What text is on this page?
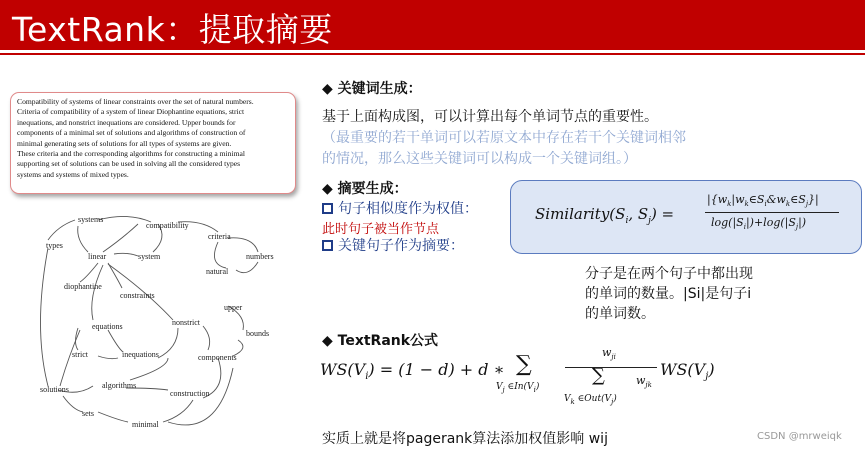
TextRank：提取摘要
Compatibility of systems of linear constraints over the set of natural numbers.
Criteria of compatibility of a system of linear Diophantine equations, strict
inequations, and nonstrict inequations are considered. Upper bounds for
components of a minimal set of solutions and algorithms of construction of
minimal generating sets of solutions for all types of systems are given.
These criteria and the corresponding algorithms for constructing a minimal
supporting set of solutions can be used in solving all the considered types
systems and systems of mixed types.
systems
compatibility
types
criteria
linear	system	numbers
natural
diophantine
constraints
upper
nonstrict
equations
bounds
strict	inequations	components
algorithms
solutions	construction
sets
minimal
◆ 关键词生成：
基于上面构成图，可以计算出每个单词节点的重要性。
（最重要的若干单词可以若原文本中存在若干个关键词相邻
的情况，那么这些关键词可以构成一个关键词组。）
◆ 摘要生成：
句子相似度作为权值：
此时句子被当作节点
关键句子作为摘要：
$Similarity(S_i$, $S_j$) =
$|\{w_k|w_k\in S_i\&w_k\in S_j\}|$
$\log(|S_i|)+\log(|S_j|)$
分子是在两个句子中都出现
的单词的数量。|Si|是句子i
的单词数。
◆ TextRank公式
$WS(V_i) = (1 - d) + d$ ∗ ∑
$V_j$ $\in In(V_i)$
$w_{ji}$
∑	$w_{jk}$
$V_k$ $\in Out(V_j)$
$WS(V_j)$
实质上就是将pagerank算法添加权值影响 wij	CSDN @mrweiqk
